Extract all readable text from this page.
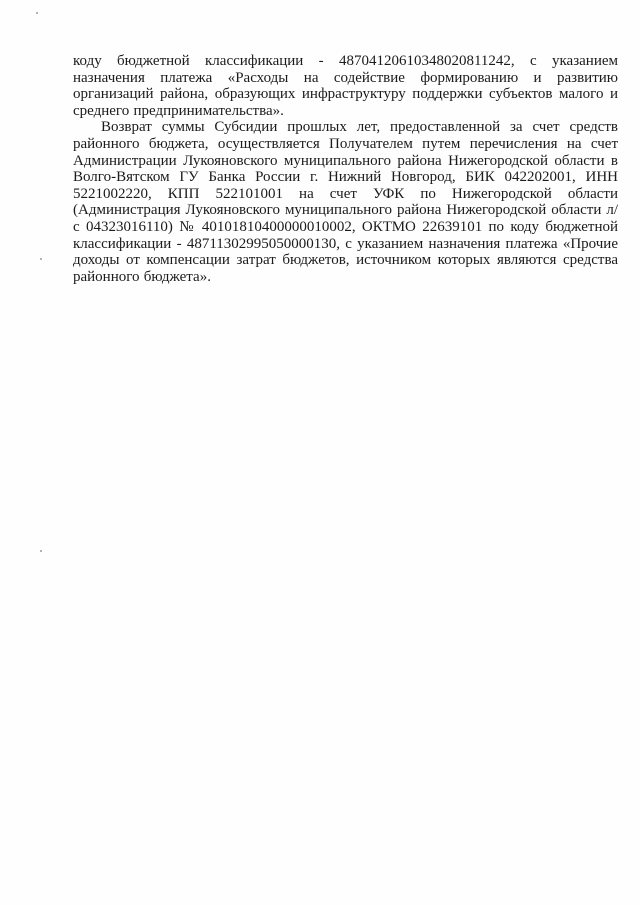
коду бюджетной классификации - 48704120610348020811242, с указанием назначения платежа «Расходы на содействие формированию и развитию организаций района, образующих инфраструктуру поддержки субъектов малого и среднего предпринимательства».

Возврат суммы Субсидии прошлых лет, предоставленной за счет средств районного бюджета, осуществляется Получателем путем перечисления на счет Администрации Лукояновского муниципального района Нижегородской области в Волго-Вятском ГУ Банка России г. Нижний Новгород, БИК 042202001, ИНН 5221002220, КПП 522101001 на счет УФК по Нижегородской области (Администрация Лукояновского муниципального района Нижегородской области л/с 04323016110) № 40101810400000010002, ОКТМО 22639101 по коду бюджетной классификации - 48711302995050000130, с указанием назначения платежа «Прочие доходы от компенсации затрат бюджетов, источником которых являются средства районного бюджета».
